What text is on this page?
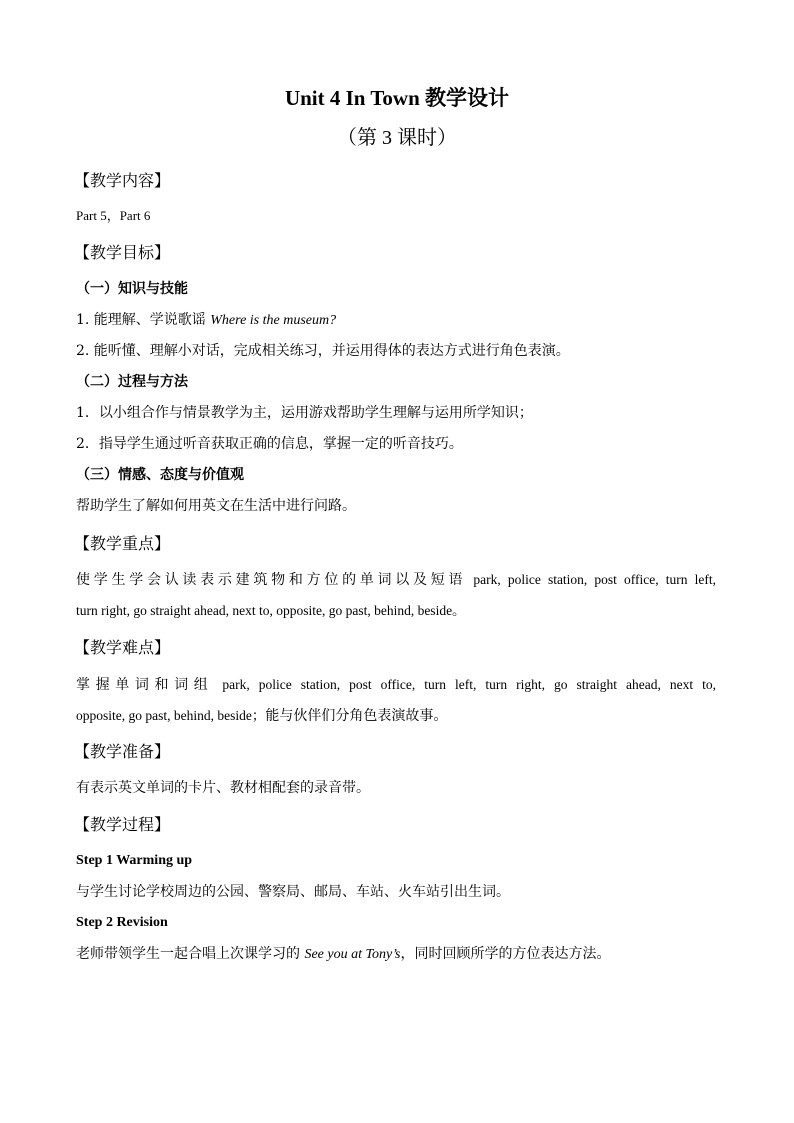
Unit 4 In Town 教学设计
（第 3 课时）
【教学内容】
Part 5，Part 6
【教学目标】
（一）知识与技能
1. 能理解、学说歌谣 Where is the museum?
2. 能听懂、理解小对话，完成相关练习，并运用得体的表达方式进行角色表演。
（二）过程与方法
1．以小组合作与情景教学为主，运用游戏帮助学生理解与运用所学知识；
2．指导学生通过听音获取正确的信息，掌握一定的听音技巧。
（三）情感、态度与价值观
帮助学生了解如何用英文在生活中进行问路。
【教学重点】
使学生学会认读表示建筑物和方位的单词以及短语 park, police station, post office, turn left,
turn right, go straight ahead, next to, opposite, go past, behind, beside。
【教学难点】
掌握单词和词组 park, police station, post office, turn left, turn right, go straight ahead, next to,
opposite, go past, behind, beside；能与伙伴们分角色表演故事。
【教学准备】
有表示英文单词的卡片、教材相配套的录音带。
【教学过程】
Step 1 Warming up
与学生讨论学校周边的公园、警察局、邮局、车站、火车站引出生词。
Step 2 Revision
老师带领学生一起合唱上次课学习的 See you at Tony’s，同时回顾所学的方位表达方法。
